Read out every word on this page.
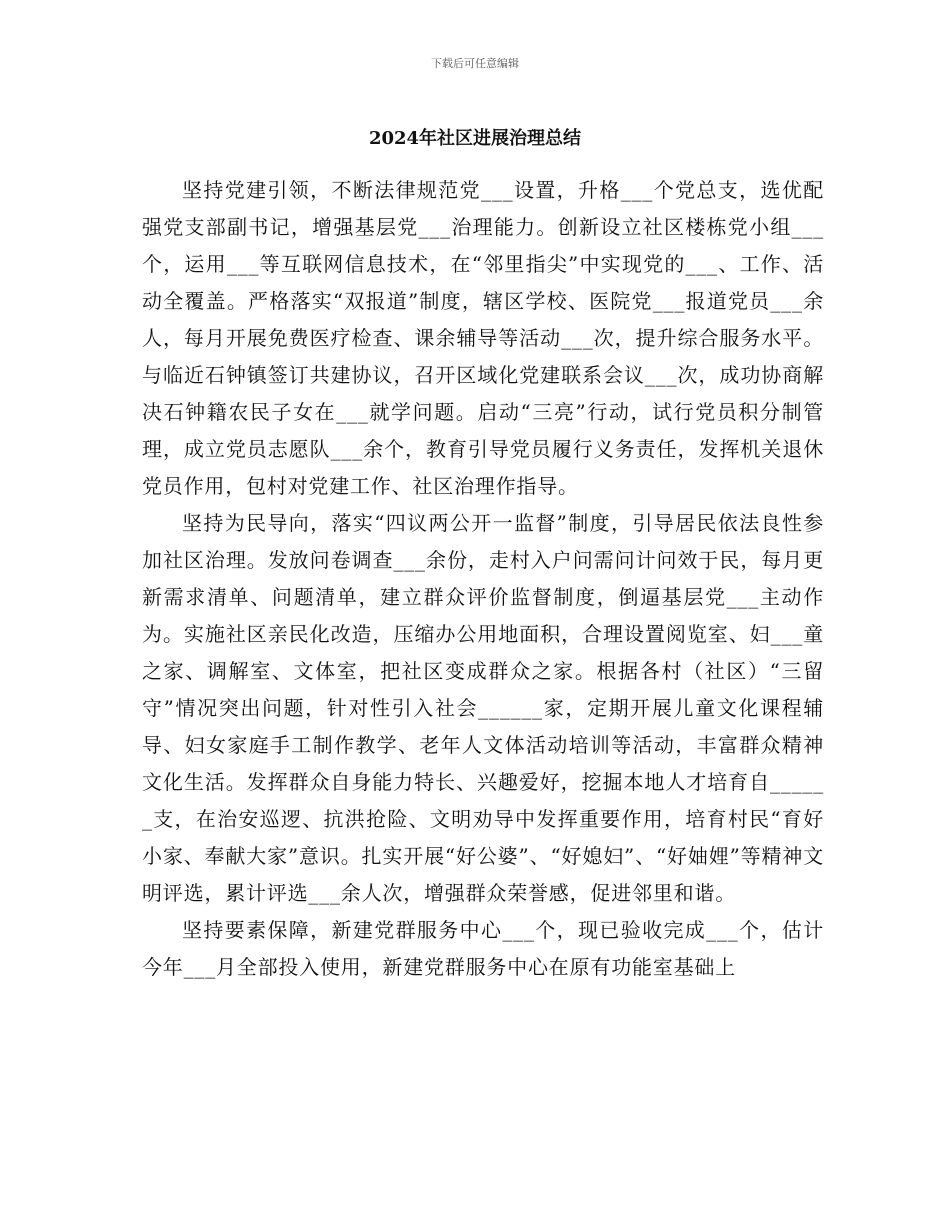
下载后可任意编辑
2024年社区进展治理总结

坚持党建引领，不断法律规范党___设置，升格___个党总支，选优配强党支部副书记，增强基层党___治理能力。创新设立社区楼栋党小组___个，运用___等互联网信息技术，在“邻里指尖”中实现党的___、工作、活动全覆盖。严格落实“双报道”制度，辖区学校、医院党___报道党员___余人，每月开展免费医疗检查、课余辅导等活动___次，提升综合服务水平。与临近石钟镇签订共建协议，召开区域化党建联系会议___次，成功协商解决石钟籍农民子女在___就学问题。启动“三亮”行动，试行党员积分制管理，成立党员志愿队___余个，教育引导党员履行义务责任，发挥机关退休党员作用，包村对党建工作、社区治理作指导。

坚持为民导向，落实“四议两公开一监督”制度，引导居民依法良性参加社区治理。发放问卷调查___余份，走村入户问需问计问效于民，每月更新需求清单、问题清单，建立群众评价监督制度，倒逼基层党___主动作为。实施社区亲民化改造，压缩办公用地面积，合理设置阅览室、妇___童之家、调解室、文体室，把社区变成群众之家。根据各村（社区）“三留守”情况突出问题，针对性引入社会______家，定期开展儿童文化课程辅导、妇女家庭手工制作教学、老年人文体活动培训等活动，丰富群众精神文化生活。发挥群众自身能力特长、兴趣爱好，挖掘本地人才培育自______支，在治安巡逻、抗洪抢险、文明劝导中发挥重要作用，培育村民“育好小家、奉献大家”意识。扎实开展“好公婆”、“好媳妇”、“好妯娌”等精神文明评选，累计评选___余人次，增强群众荣誉感，促进邻里和谐。

坚持要素保障，新建党群服务中心___个，现已验收完成___个，估计今年___月全部投入使用，新建党群服务中心在原有功能室基础上
